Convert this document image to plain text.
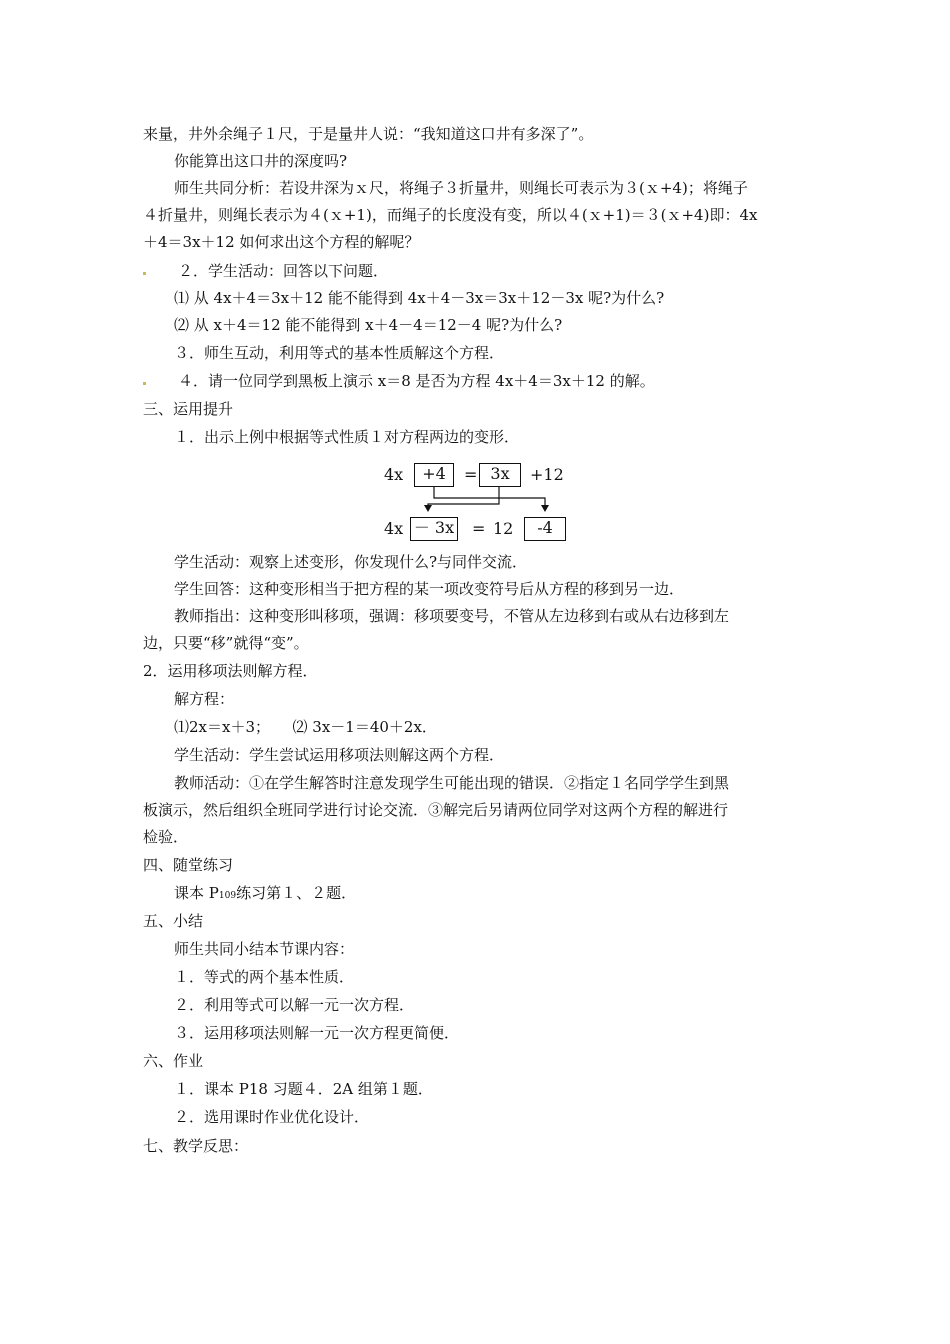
来量，井外余绳子１尺，于是量井人说：“我知道这口井有多深了”。
你能算出这口井的深度吗?
师生共同分析：若设井深为ｘ尺，将绳子３折量井，则绳长可表示为３(ｘ+4)；将绳子
４折量井，则绳长表示为４(ｘ+1)，而绳子的长度没有变，所以４(ｘ+1)＝３(ｘ+4)即：4x
＋4＝3x＋12 如何求出这个方程的解呢？
２．学生活动：回答以下问题．
⑴ 从 4x＋4＝3x＋12 能不能得到 4x＋4－3x＝3x＋12－3x 呢?为什么?
⑵ 从 x＋4＝12 能不能得到 x＋4－4＝12－4 呢?为什么?
３．师生互动，利用等式的基本性质解这个方程．
４．请一位同学到黑板上演示 x＝8 是否为方程 4x＋4＝3x＋12 的解。
三、运用提升
１．出示上例中根据等式性质１对方程两边的变形．
4x	+4	= 3x	+12
4x － 3x = 12	-4
学生活动：观察上述变形，你发现什么?与同伴交流．
学生回答：这种变形相当于把方程的某一项改变符号后从方程的移到另一边．
教师指出：这种变形叫移项，强调：移项要变号，不管从左边移到右或从右边移到左
边，只要“移”就得“变”。
2．运用移项法则解方程．
解方程：
⑴2x＝x＋3；　　⑵ 3x－1＝40＋2x．
学生活动：学生尝试运用移项法则解这两个方程．
教师活动：①在学生解答时注意发现学生可能出现的错误．②指定１名同学学生到黑
板演示，然后组织全班同学进行讨论交流．③解完后另请两位同学对这两个方程的解进行
检验．
四、随堂练习
课本 P109练习第１、２题．
五、小结
师生共同小结本节课内容：
１．等式的两个基本性质．
２．利用等式可以解一元一次方程．
３．运用移项法则解一元一次方程更简便．
六、作业
１．课本 P18 习题４．2A 组第１题．
２．选用课时作业优化设计．
七、教学反思：
